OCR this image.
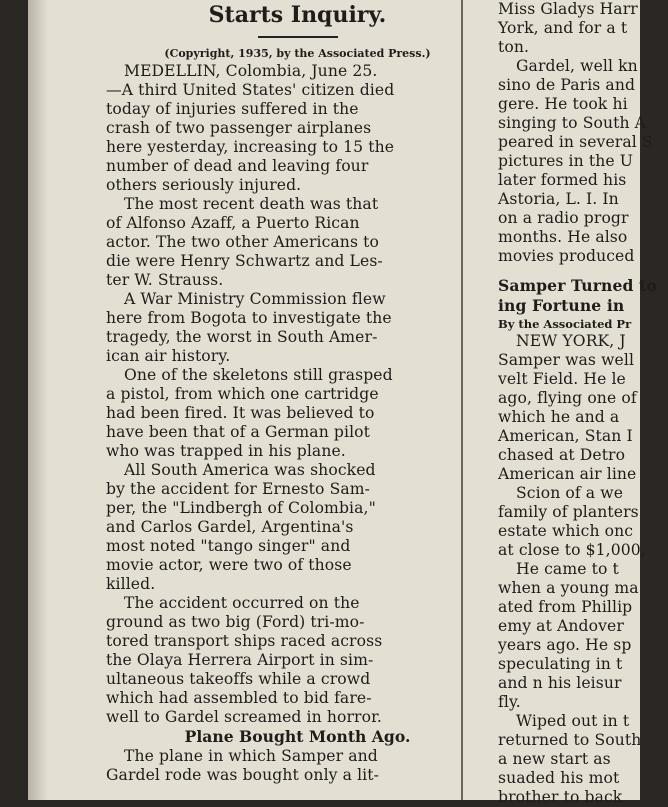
Starts Inquiry.
(Copyright, 1935, by the Associated Press.)
MEDELLIN, Colombia, June 25.
—A third United States' citizen died
today of injuries suffered in the
crash of two passenger airplanes
here yesterday, increasing to 15 the
number of dead and leaving four
others seriously injured.
The most recent death was that
of Alfonso Azaff, a Puerto Rican
actor. The two other Americans to
die were Henry Schwartz and Les-
ter W. Strauss.
A War Ministry Commission flew
here from Bogota to investigate the
tragedy, the worst in South Amer-
ican air history.
One of the skeletons still grasped
a pistol, from which one cartridge
had been fired. It was believed to
have been that of a German pilot
who was trapped in his plane.
All South America was shocked
by the accident for Ernesto Sam-
per, the "Lindbergh of Colombia,"
and Carlos Gardel, Argentina's
most noted "tango singer" and
movie actor, were two of those
killed.
The accident occurred on the
ground as two big (Ford) tri-mo-
tored transport ships raced across
the Olaya Herrera Airport in sim-
ultaneous takeoffs while a crowd
which had assembled to bid fare-
well to Gardel screamed in horror.
Plane Bought Month Ago.
The plane in which Samper and
Gardel rode was bought only a lit-
Miss Gladys Harr
York, and for a t
ton.
Gardel, well kn
sino de Paris and
gere. He took hi
singing to South A
peared in several S
pictures in the U
later formed his
Astoria, L. I. In
on a radio progr
months. He also
movies produced
Samper Turned to
ing Fortune in
By the Associated Pr
NEW YORK, J
Samper was well
velt Field. He le
ago, flying one of
which he and a
American, Stan I
chased at Detro
American air line
Scion of a we
family of planters
estate which onc
at close to $1,000,
He came to t
when a young ma
ated from Phillip
emy at Andover
years ago. He sp
speculating in t
and n his leisur
fly.
Wiped out in t
returned to South
a new start as
suaded his mot
brother to back
